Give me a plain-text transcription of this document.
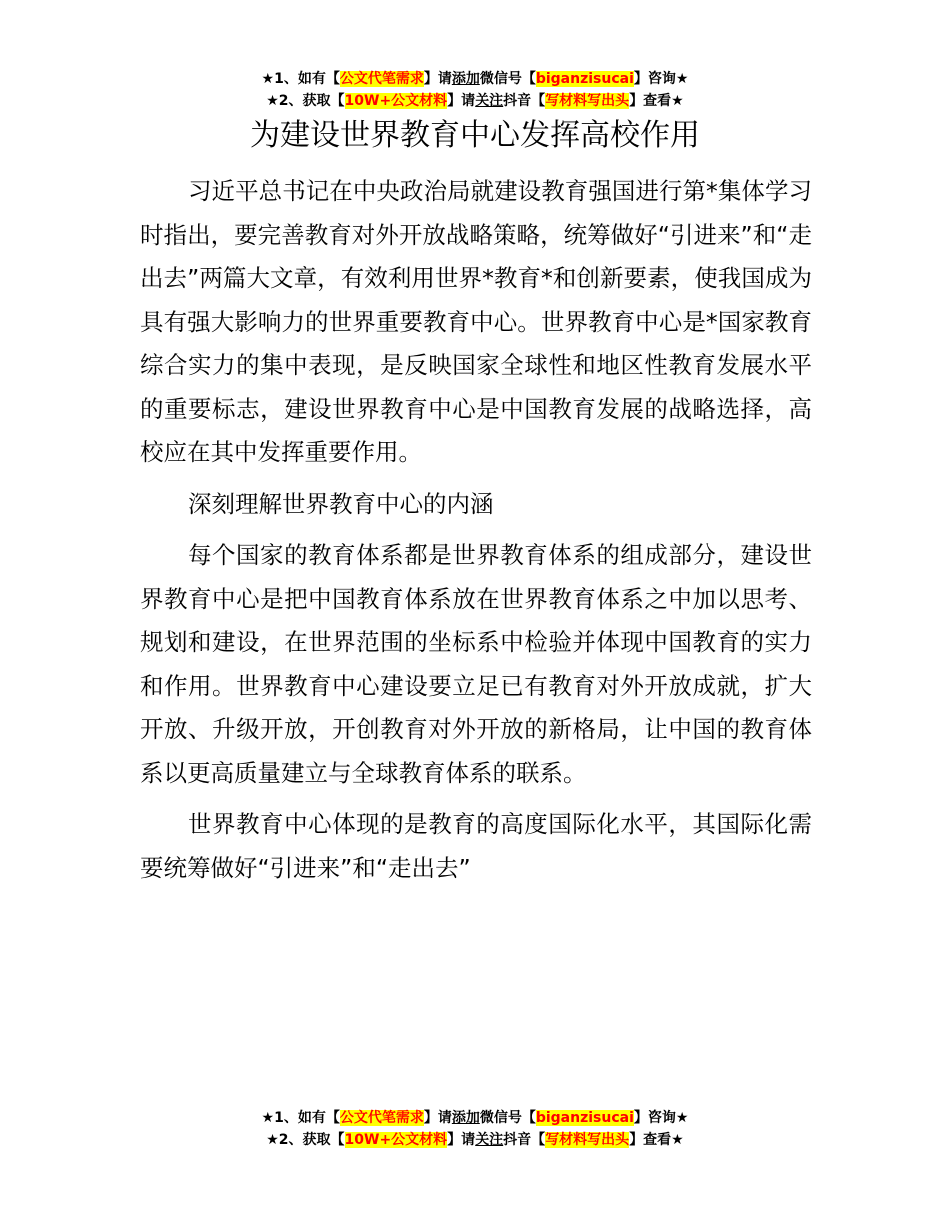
★1、如有【公文代笔需求】请添加微信号【biganzisucai】咨询★
★2、获取【10W+公文材料】请关注抖音【写材料写出头】查看★
为建设世界教育中心发挥高校作用

习近平总书记在中央政治局就建设教育强国进行第*集体学习时指出，要完善教育对外开放战略策略，统筹做好“引进来”和“走出去”两篇大文章，有效利用世界*教育*和创新要素，使我国成为具有强大影响力的世界重要教育中心。世界教育中心是*国家教育综合实力的集中表现，是反映国家全球性和地区性教育发展水平的重要标志，建设世界教育中心是中国教育发展的战略选择，高校应在其中发挥重要作用。

深刻理解世界教育中心的内涵

每个国家的教育体系都是世界教育体系的组成部分，建设世界教育中心是把中国教育体系放在世界教育体系之中加以思考、规划和建设，在世界范围的坐标系中检验并体现中国教育的实力和作用。世界教育中心建设要立足已有教育对外开放成就，扩大开放、升级开放，开创教育对外开放的新格局，让中国的教育体系以更高质量建立与全球教育体系的联系。

世界教育中心体现的是教育的高度国际化水平，其国际化需要统筹做好“引进来”和“走出去”

★1、如有【公文代笔需求】请添加微信号【biganzisucai】咨询★
★2、获取【10W+公文材料】请关注抖音【写材料写出头】查看★
